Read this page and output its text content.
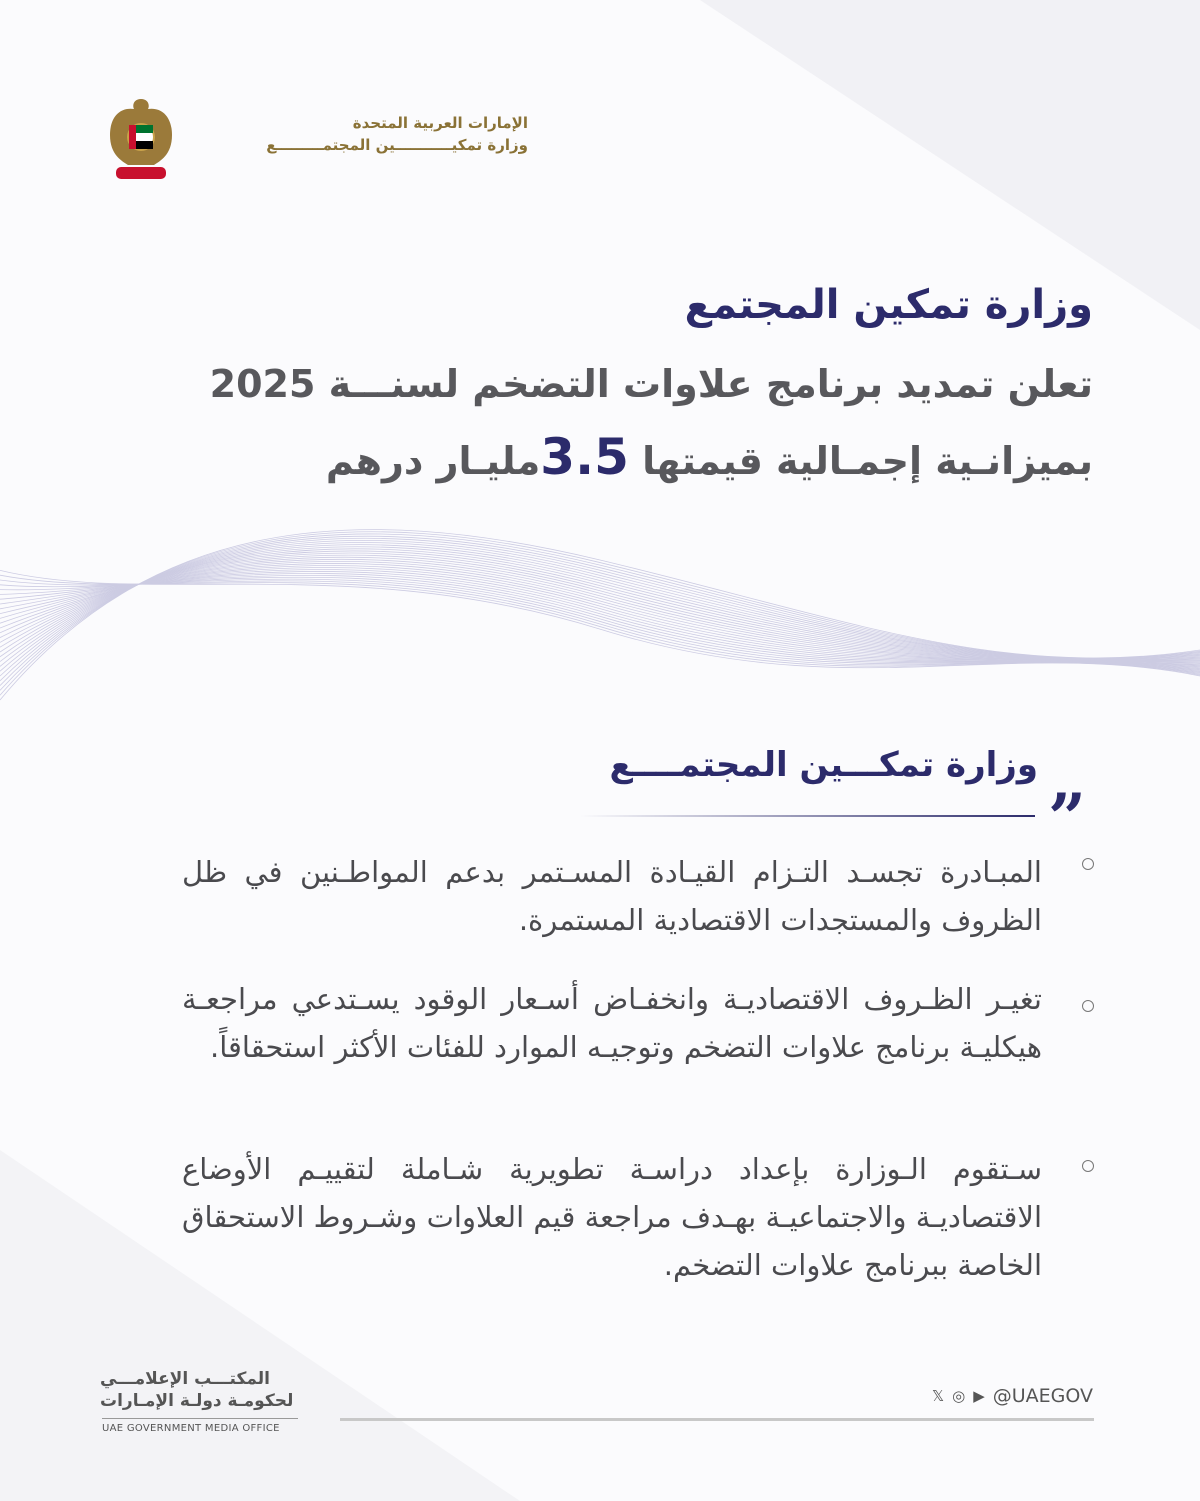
الإمارات العربية المتحدة
وزارة تمكيـــــــــــين المجتمـــــــــع
وزارة تمكين المجتمع
تعلن تمديد برنامج علاوات التضخم لسنـــة 2025
بميزانـية إجمـالية قيمتها 3.5مليـار درهم
وزارة تمكـــين المجتمــــع
”
المبـادرة تجسـد التـزام القيـادة المسـتمر بدعم المواطـنين في ظل الظروف والمستجدات الاقتصادية المستمرة.
تغيـر الظـروف الاقتصاديـة وانخفـاض أسـعار الوقود يسـتدعي مراجعـة هيكليـة برنامج علاوات التضخم وتوجيـه الموارد للفئات الأكثر استحقاقاً.
سـتقوم الـوزارة بإعداد دراسـة تطويرية شـاملة لتقييـم الأوضاع الاقتصاديـة والاجتماعيـة بهـدف مراجعة قيم العلاوات وشـروط الاستحقاق الخاصة ببرنامج علاوات التضخم.
المكتـــب الإعلامـــي
لحكومـة دولـة الإمـارات
UAE GOVERNMENT MEDIA OFFICE
𝕏 ◎ ▶ @UAEGOV
